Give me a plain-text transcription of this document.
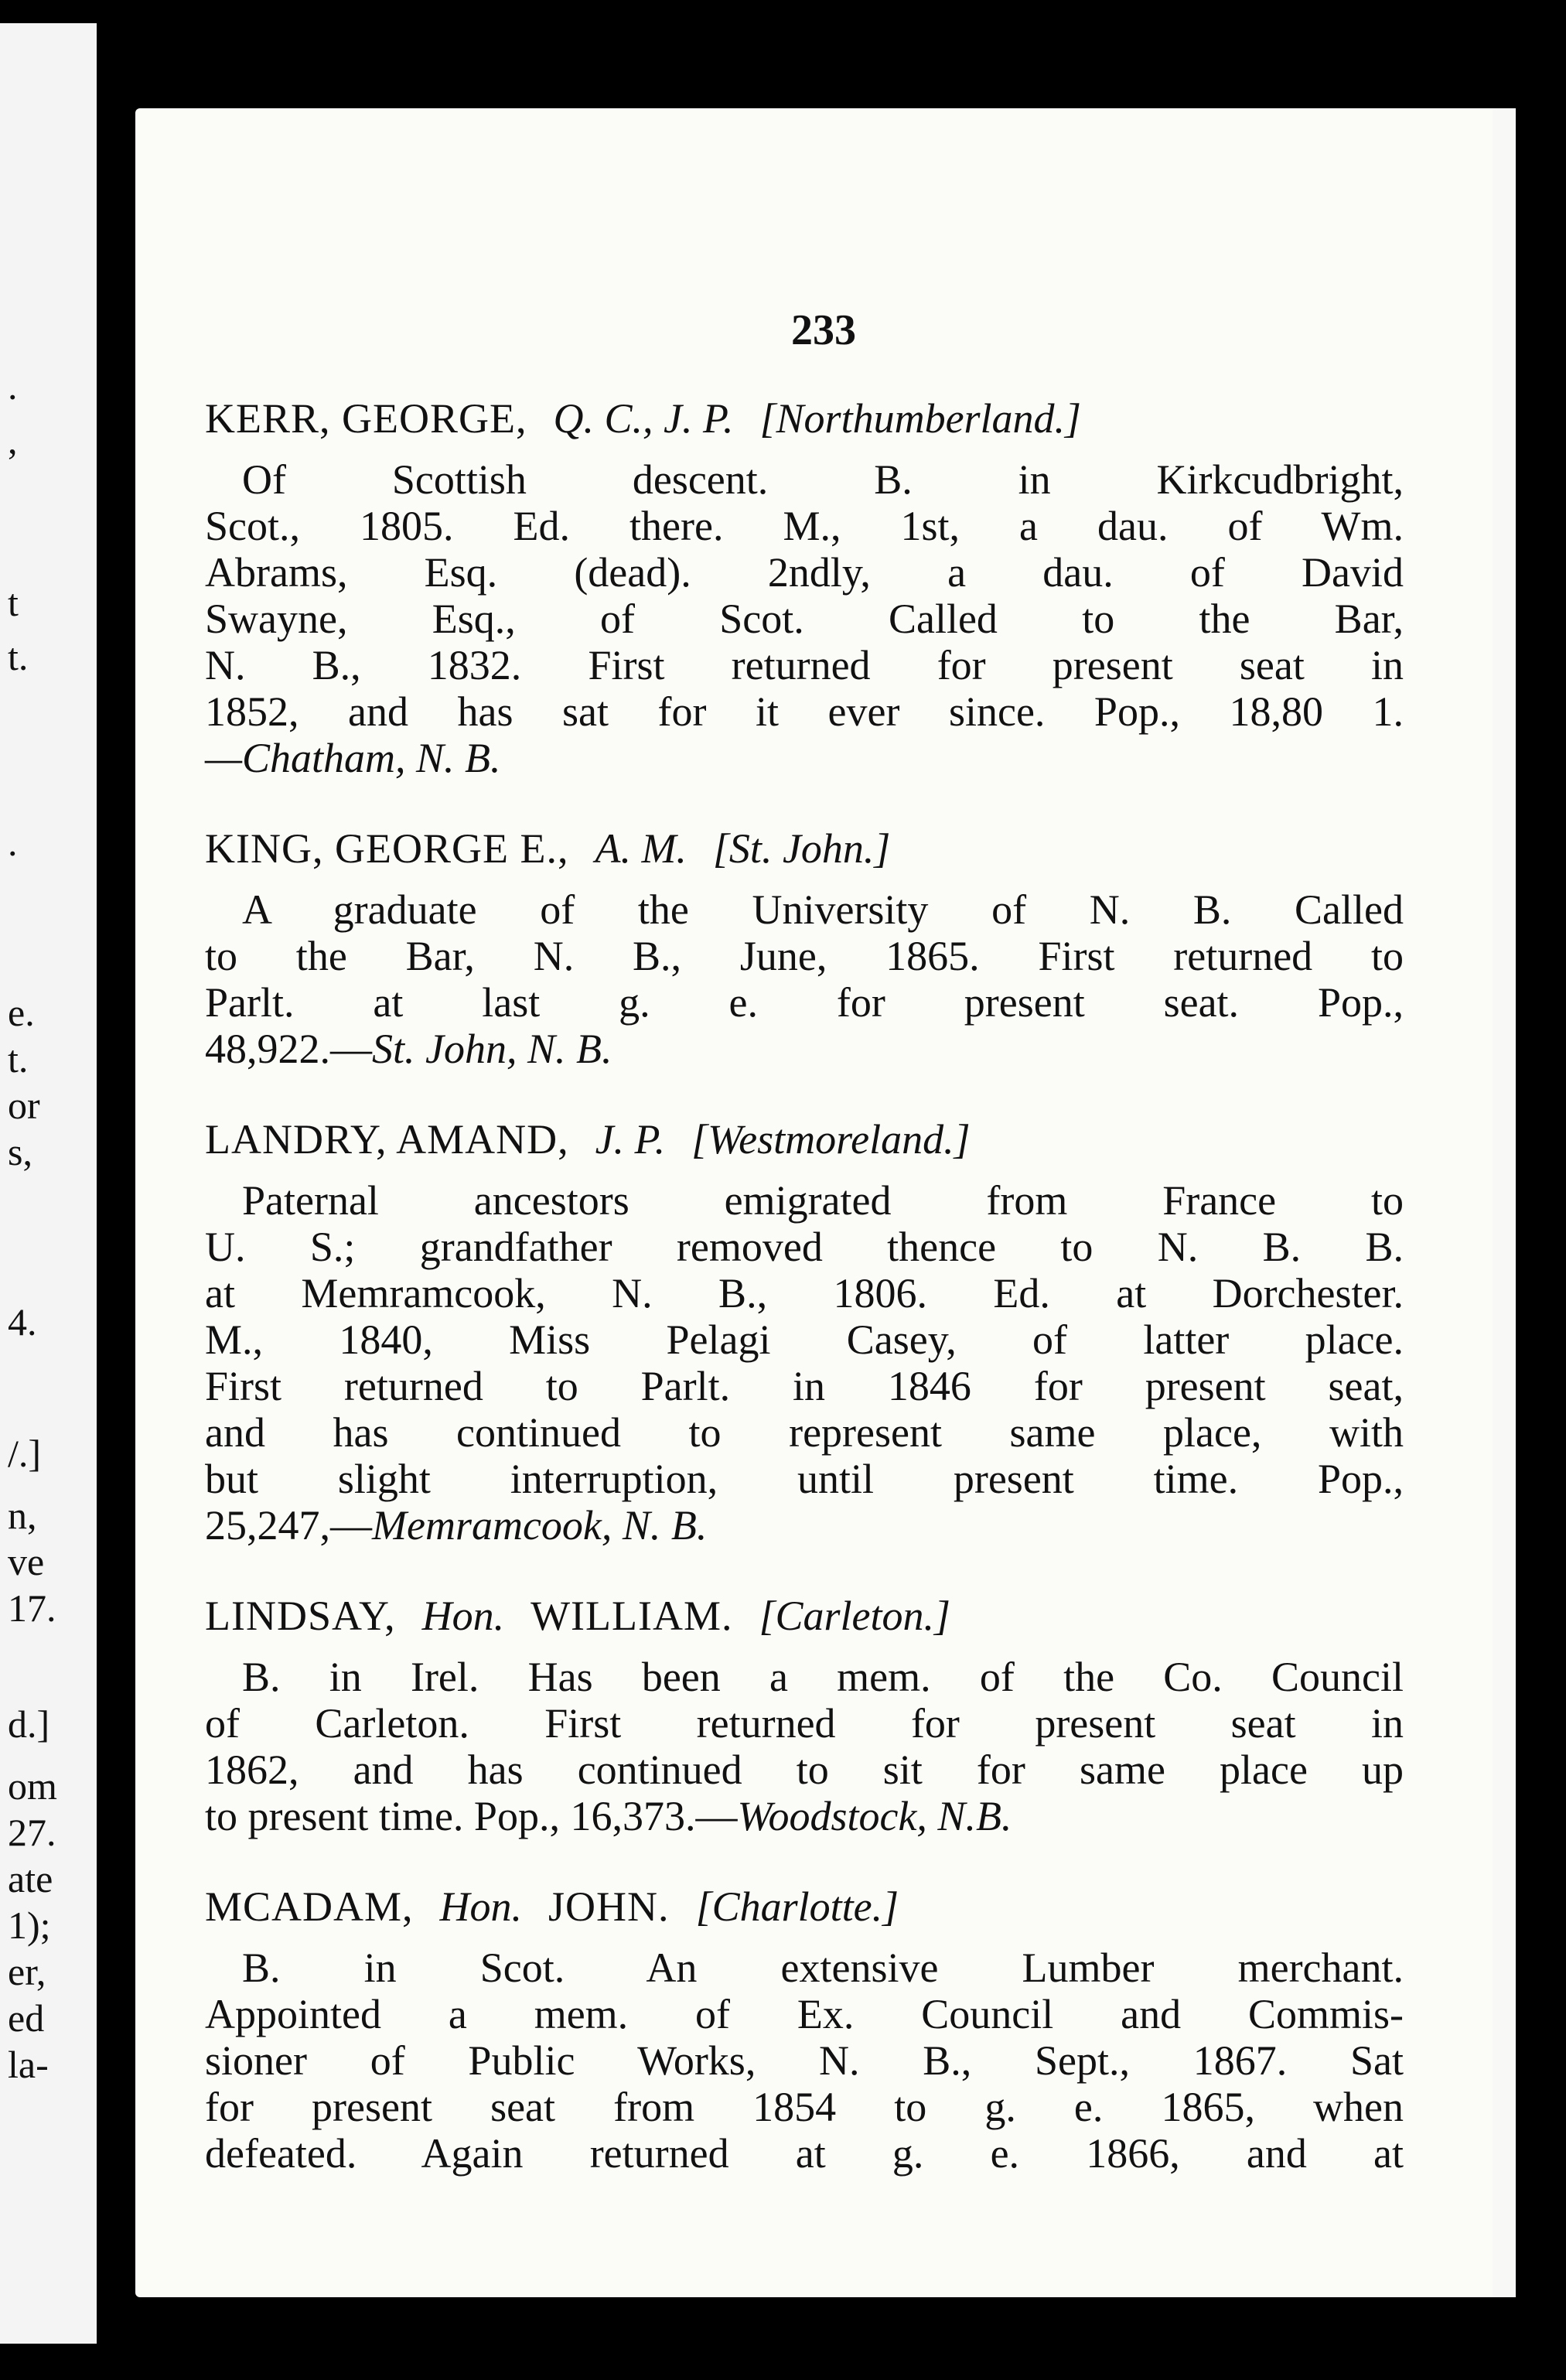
.
,
t
t.
.
e.
t.
or
s,
4.
/.]
n,
ve
17.
d.]
om
27.
ate
1);
er,
ed
la-
233
KERR, GEORGE, Q. C., J. P. [Northumberland.]
Of Scottish descent. B. in Kirkcudbright,
Scot., 1805. Ed. there. M., 1st, a dau. of Wm.
Abrams, Esq. (dead). 2ndly, a dau. of David
Swayne, Esq., of Scot. Called to the Bar,
N. B., 1832. First returned for present seat in
1852, and has sat for it ever since. Pop., 18,80 1.
—Chatham, N. B.
KING, GEORGE E., A. M. [St. John.]
A graduate of the University of N. B. Called
to the Bar, N. B., June, 1865. First returned to
Parlt. at last g. e. for present seat. Pop.,
48,922.—St. John, N. B.
LANDRY, AMAND, J. P. [Westmoreland.]
Paternal ancestors emigrated from France to
U. S.; grandfather removed thence to N. B. B.
at Memramcook, N. B., 1806. Ed. at Dorchester.
M., 1840, Miss Pelagi Casey, of latter place.
First returned to Parlt. in 1846 for present seat,
and has continued to represent same place, with
but slight interruption, until present time. Pop.,
25,247,—Memramcook, N. B.
LINDSAY, Hon. WILLIAM. [Carleton.]
B. in Irel. Has been a mem. of the Co. Council
of Carleton. First returned for present seat in
1862, and has continued to sit for same place up
to present time. Pop., 16,373.—Woodstock, N.B.
MCADAM, Hon. JOHN. [Charlotte.]
B. in Scot. An extensive Lumber merchant.
Appointed a mem. of Ex. Council and Commis-
sioner of Public Works, N. B., Sept., 1867. Sat
for present seat from 1854 to g. e. 1865, when
defeated. Again returned at g. e. 1866, and at
